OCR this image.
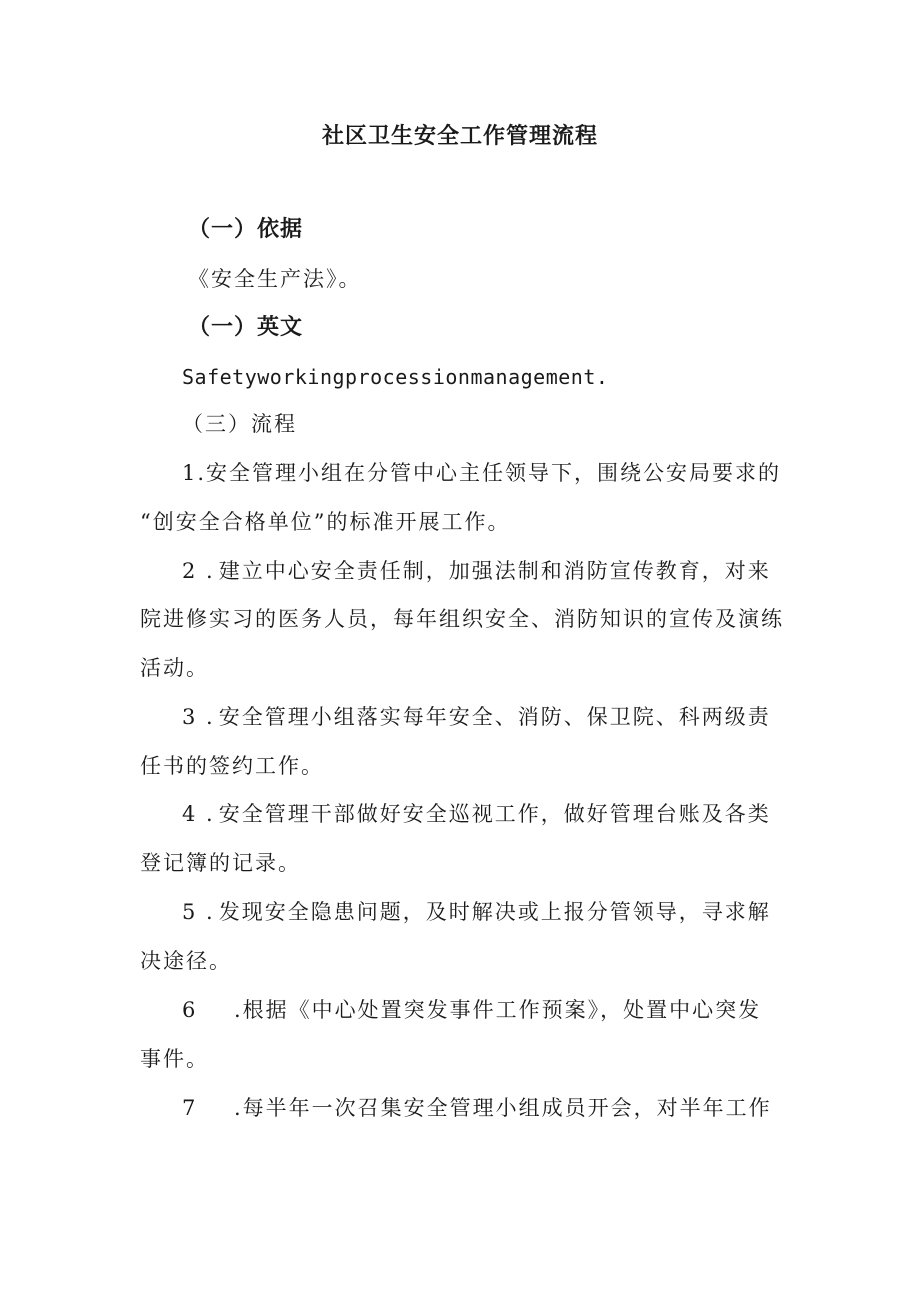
社区卫生安全工作管理流程
（一）依据
《安全生产法》。
（一）英文
Safetyworkingprocessionmanagement.
（三）流程
1.安全管理小组在分管中心主任领导下，围绕公安局要求的
“创安全合格单位”的标准开展工作。
2 . 建立中心安全责任制，加强法制和消防宣传教育，对来
院进修实习的医务人员，每年组织安全、消防知识的宣传及演练
活动。
3 . 安全管理小组落实每年安全、消防、保卫院、科两级责
任书的签约工作。
4 . 安全管理干部做好安全巡视工作，做好管理台账及各类
登记簿的记录。
5 . 发现安全隐患问题，及时解决或上报分管领导，寻求解
决途径。
6 .根据《中心处置突发事件工作预案》，处置中心突发
事件。
7 .每半年一次召集安全管理小组成员开会，对半年工作
